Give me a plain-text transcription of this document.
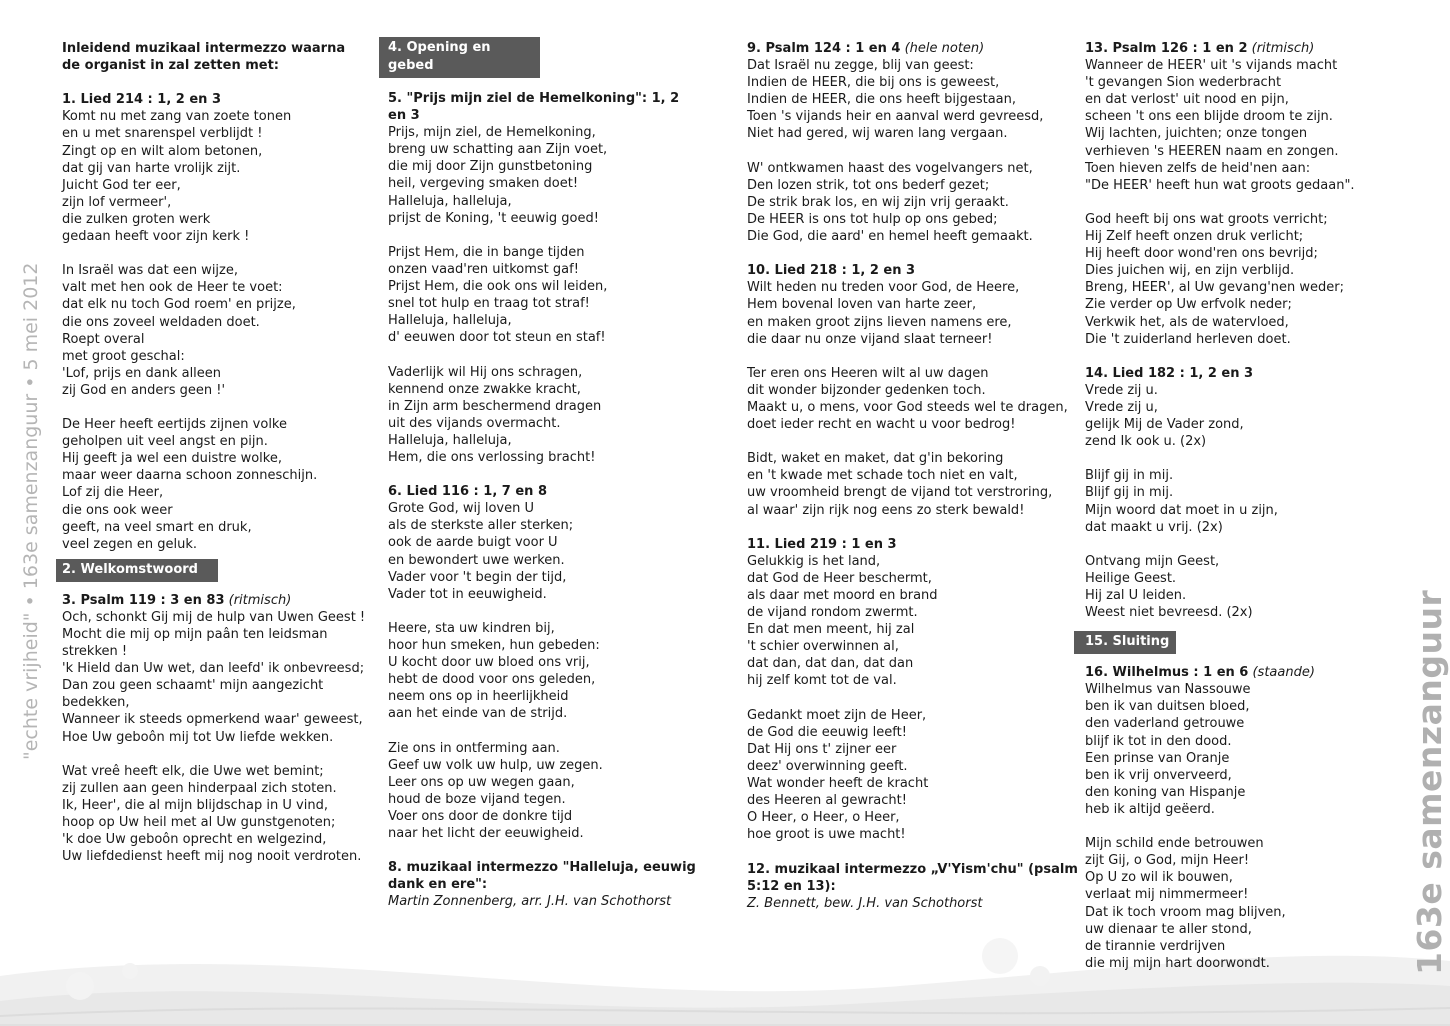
"echte vrijheid" • 163e samenzanguur • 5 mei 2012
163e samenzanguur

Inleidend muzikaal intermezzo waarna

de organist in zal zetten met:

1. Lied 214 : 1, 2 en 3

Komt nu met zang van zoete tonen

en u met snarenspel verblijdt !

Zingt op en wilt alom betonen,

dat gij van harte vrolijk zijt.

Juicht God ter eer,

zijn lof vermeer',

die zulken groten werk

gedaan heeft voor zijn kerk !

In Israël was dat een wijze,

valt met hen ook de Heer te voet:

dat elk nu toch God roem' en prijze,

die ons zoveel weldaden doet.

Roept overal

met groot geschal:

'Lof, prijs en dank alleen

zij God en anders geen !'

De Heer heeft eertijds zijnen volke

geholpen uit veel angst en pijn.

Hij geeft ja wel een duistre wolke,

maar weer daarna schoon zonneschijn.

Lof zij die Heer,

die ons ook weer

geeft, na veel smart en druk,

veel zegen en geluk.

2. Welkomstwoord

3. Psalm 119 : 3 en 83 (ritmisch)

Och, schonkt Gij mij de hulp van Uwen Geest !

Mocht die mij op mijn paân ten leidsman

strekken !

'k Hield dan Uw wet, dan leefd' ik onbevreesd;

Dan zou geen schaamt' mijn aangezicht

bedekken,

Wanneer ik steeds opmerkend waar' geweest,

Hoe Uw geboôn mij tot Uw liefde wekken.

Wat vreê heeft elk, die Uwe wet bemint;

zij zullen aan geen hinderpaal zich stoten.

Ik, Heer', die al mijn blijdschap in U vind,

hoop op Uw heil met al Uw gunstgenoten;

'k doe Uw geboôn oprecht en welgezind,

Uw liefdedienst heeft mij nog nooit verdroten.

4. Opening en gebed

5. "Prijs mijn ziel de Hemelkoning": 1, 2

en 3

Prijs, mijn ziel, de Hemelkoning,

breng uw schatting aan Zijn voet,

die mij door Zijn gunstbetoning

heil, vergeving smaken doet!

Halleluja, halleluja,

prijst de Koning, 't eeuwig goed!

Prijst Hem, die in bange tijden

onzen vaad'ren uitkomst gaf!

Prijst Hem, die ook ons wil leiden,

snel tot hulp en traag tot straf!

Halleluja, halleluja,

d' eeuwen door tot steun en staf!

Vaderlijk wil Hij ons schragen,

kennend onze zwakke kracht,

in Zijn arm beschermend dragen

uit des vijands overmacht.

Halleluja, halleluja,

Hem, die ons verlossing bracht!

6. Lied 116 : 1, 7 en 8

Grote God, wij loven U

als de sterkste aller sterken;

ook de aarde buigt voor U

en bewondert uwe werken.

Vader voor 't begin der tijd,

Vader tot in eeuwigheid.

Heere, sta uw kindren bij,

hoor hun smeken, hun gebeden:

U kocht door uw bloed ons vrij,

hebt de dood voor ons geleden,

neem ons op in heerlijkheid

aan het einde van de strijd.

Zie ons in ontferming aan.

Geef uw volk uw hulp, uw zegen.

Leer ons op uw wegen gaan,

houd de boze vijand tegen.

Voer ons door de donkre tijd

naar het licht der eeuwigheid.

8. muzikaal intermezzo "Halleluja, eeuwig

dank en ere":

Martin Zonnenberg, arr. J.H. van Schothorst

9. Psalm 124 : 1 en 4 (hele noten)

Dat Israël nu zegge, blij van geest:

Indien de HEER, die bij ons is geweest,

Indien de HEER, die ons heeft bijgestaan,

Toen 's vijands heir en aanval werd gevreesd,

Niet had gered, wij waren lang vergaan.

W' ontkwamen haast des vogelvangers net,

Den lozen strik, tot ons bederf gezet;

De strik brak los, en wij zijn vrij geraakt.

De HEER is ons tot hulp op ons gebed;

Die God, die aard' en hemel heeft gemaakt.

10. Lied 218 : 1, 2 en 3

Wilt heden nu treden voor God, de Heere,

Hem bovenal loven van harte zeer,

en maken groot zijns lieven namens ere,

die daar nu onze vijand slaat terneer!

Ter eren ons Heeren wilt al uw dagen

dit wonder bijzonder gedenken toch.

Maakt u, o mens, voor God steeds wel te dragen,

doet ieder recht en wacht u voor bedrog!

Bidt, waket en maket, dat g'in bekoring

en 't kwade met schade toch niet en valt,

uw vroomheid brengt de vijand tot verstroring,

al waar' zijn rijk nog eens zo sterk bewald!

11. Lied 219 : 1 en 3

Gelukkig is het land,

dat God de Heer beschermt,

als daar met moord en brand

de vijand rondom zwermt.

En dat men meent, hij zal

't schier overwinnen al,

dat dan, dat dan, dat dan

hij zelf komt tot de val.

Gedankt moet zijn de Heer,

de God die eeuwig leeft!

Dat Hij ons t' zijner eer

deez' overwinning geeft.

Wat wonder heeft de kracht

des Heeren al gewracht!

O Heer, o Heer, o Heer,

hoe groot is uwe macht!

12. muzikaal intermezzo „V'Yism'chu" (psalm

5:12 en 13):

Z. Bennett, bew. J.H. van Schothorst

13. Psalm 126 : 1 en 2 (ritmisch)

Wanneer de HEER' uit 's vijands macht

't gevangen Sion wederbracht

en dat verlost' uit nood en pijn,

scheen 't ons een blijde droom te zijn.

Wij lachten, juichten; onze tongen

verhieven 's HEEREN naam en zongen.

Toen hieven zelfs de heid'nen aan:

"De HEER' heeft hun wat groots gedaan".

God heeft bij ons wat groots verricht;

Hij Zelf heeft onzen druk verlicht;

Hij heeft door wond'ren ons bevrijd;

Dies juichen wij, en zijn verblijd.

Breng, HEER', al Uw gevang'nen weder;

Zie verder op Uw erfvolk neder;

Verkwik het, als de watervloed,

Die 't zuiderland herleven doet.

14. Lied 182 : 1, 2 en 3

Vrede zij u.

Vrede zij u,

gelijk Mij de Vader zond,

zend Ik ook u. (2x)

Blijf gij in mij.

Blijf gij in mij.

Mijn woord dat moet in u zijn,

dat maakt u vrij. (2x)

Ontvang mijn Geest,

Heilige Geest.

Hij zal U leiden.

Weest niet bevreesd. (2x)

15. Sluiting

16. Wilhelmus : 1 en 6 (staande)

Wilhelmus van Nassouwe

ben ik van duitsen bloed,

den vaderland getrouwe

blijf ik tot in den dood.

Een prinse van Oranje

ben ik vrij onverveerd,

den koning van Hispanje

heb ik altijd geëerd.

Mijn schild ende betrouwen

zijt Gij, o God, mijn Heer!

Op U zo wil ik bouwen,

verlaat mij nimmermeer!

Dat ik toch vroom mag blijven,

uw dienaar te aller stond,

de tirannie verdrijven

die mij mijn hart doorwondt.
